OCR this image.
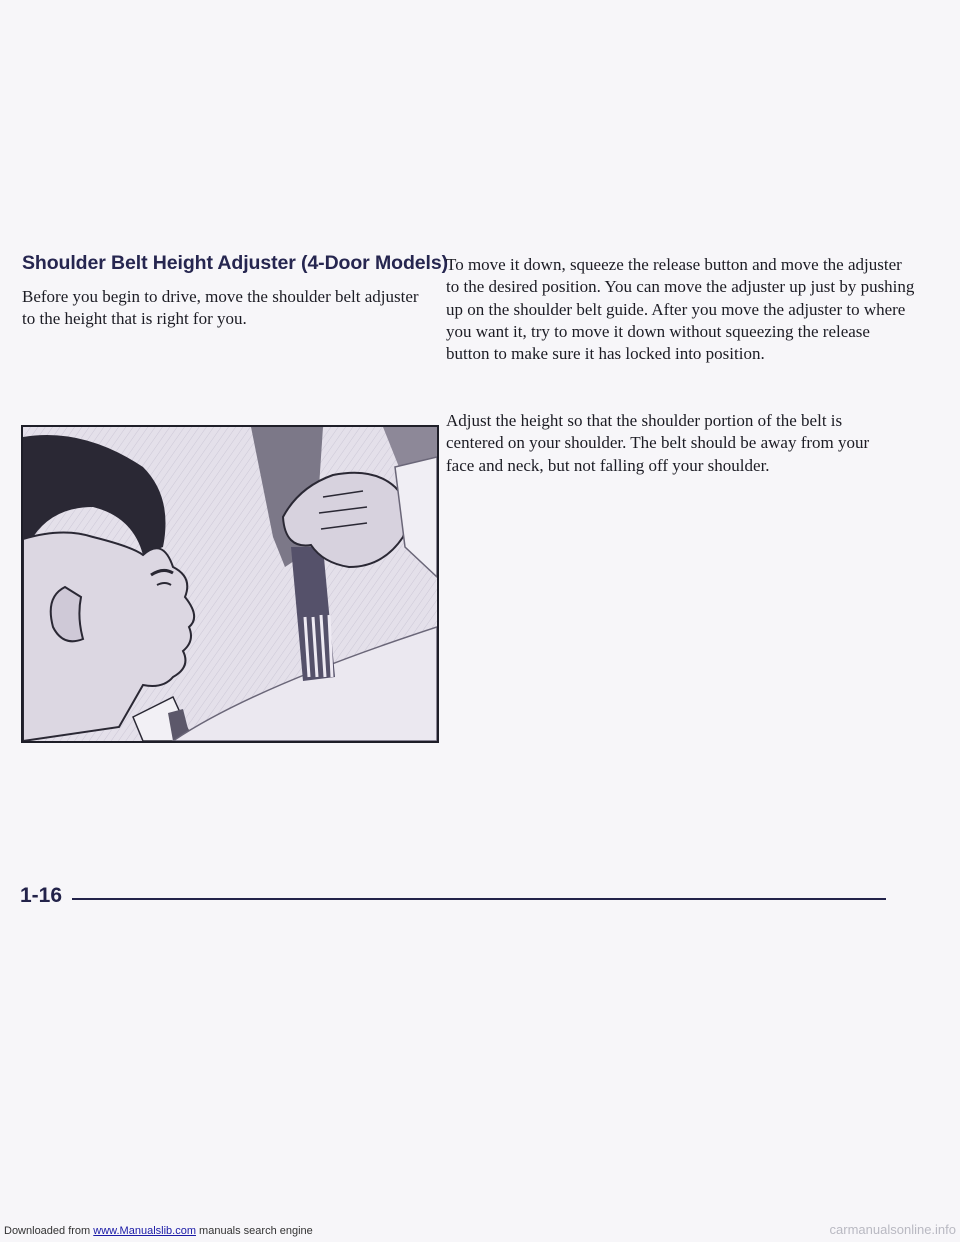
Shoulder Belt Height Adjuster (4-Door Models)

Before you begin to drive, move the shoulder belt adjuster to the height that is right for you.

To move it down, squeeze the release button and move the adjuster to the desired position. You can move the adjuster up just by pushing up on the shoulder belt guide. After you move the adjuster to where you want it, try to move it down without squeezing the release button to make sure it has locked into position.

Adjust the height so that the shoulder portion of the belt is centered on your shoulder. The belt should be away from your face and neck, but not falling off your shoulder.

1-16
Downloaded from www.Manualslib.com manuals search engine	carmanualsonline.info
